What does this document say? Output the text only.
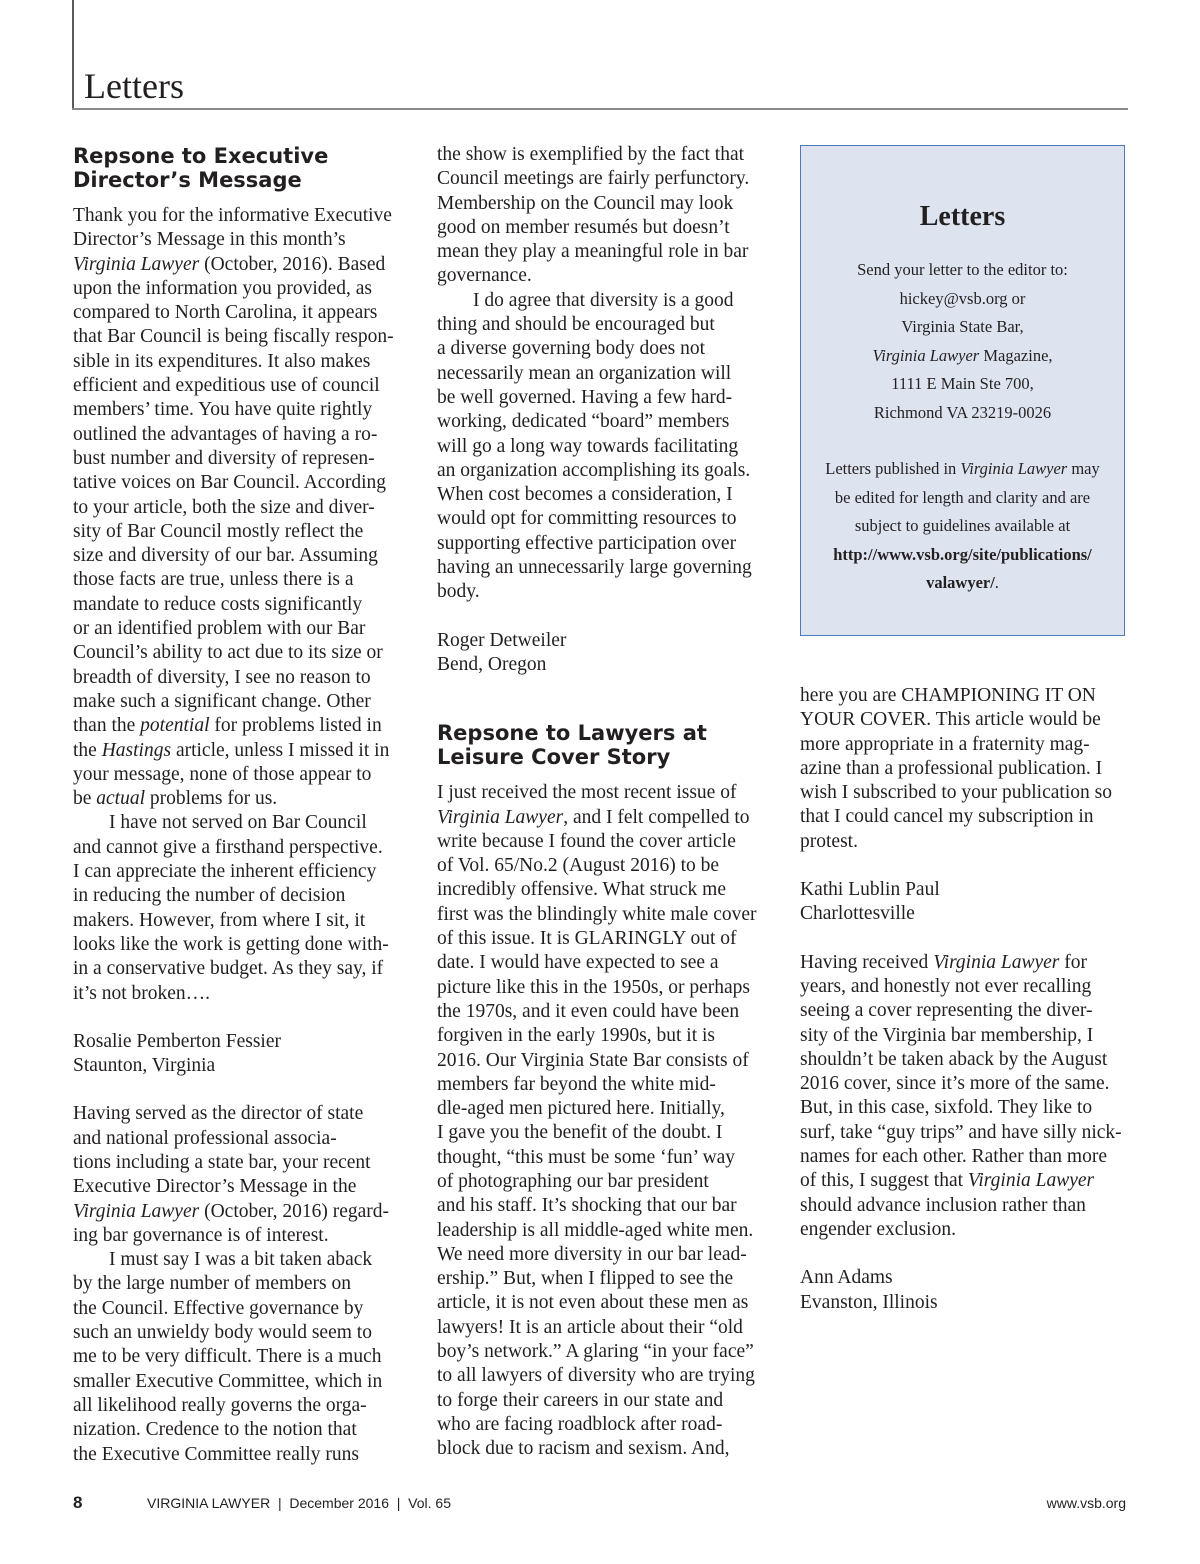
Letters
Repsone to Executive
Director’s Message

Thank you for the informative Executive
Director’s Message in this month’s
Virginia Lawyer (October, 2016). Based
upon the information you provided, as
compared to North Carolina, it appears
that Bar Council is being fiscally respon-
sible in its expenditures. It also makes
efficient and expeditious use of council
members’ time. You have quite rightly
outlined the advantages of having a ro-
bust number and diversity of represen-
tative voices on Bar Council. According
to your article, both the size and diver-
sity of Bar Council mostly reflect the
size and diversity of our bar. Assuming
those facts are true, unless there is a
mandate to reduce costs significantly
or an identified problem with our Bar
Council’s ability to act due to its size or
breadth of diversity, I see no reason to
make such a significant change. Other
than the potential for problems listed in
the Hastings article, unless I missed it in
your message, none of those appear to
be actual problems for us.

I have not served on Bar Council
and cannot give a firsthand perspective.
I can appreciate the inherent efficiency
in reducing the number of decision
makers. However, from where I sit, it
looks like the work is getting done with-
in a conservative budget. As they say, if
it’s not broken….

Rosalie Pemberton Fessier
Staunton, Virginia

Having served as the director of state
and national professional associa-
tions including a state bar, your recent
Executive Director’s Message in the
Virginia Lawyer (October, 2016) regard-
ing bar governance is of interest.

I must say I was a bit taken aback
by the large number of members on
the Council. Effective governance by
such an unwieldy body would seem to
me to be very difficult. There is a much
smaller Executive Committee, which in
all likelihood really governs the orga-
nization. Credence to the notion that
the Executive Committee really runs

the show is exemplified by the fact that
Council meetings are fairly perfunctory.
Membership on the Council may look
good on member resumés but doesn’t
mean they play a meaningful role in bar
governance.

I do agree that diversity is a good
thing and should be encouraged but
a diverse governing body does not
necessarily mean an organization will
be well governed. Having a few hard-
working, dedicated “board” members
will go a long way towards facilitating
an organization accomplishing its goals.
When cost becomes a consideration, I
would opt for committing resources to
supporting effective participation over
having an unnecessarily large governing
body.

Roger Detweiler
Bend, Oregon

Repsone to Lawyers at
Leisure Cover Story

I just received the most recent issue of
Virginia Lawyer, and I felt compelled to
write because I found the cover article
of Vol. 65/No.2 (August 2016) to be
incredibly offensive. What struck me
first was the blindingly white male cover
of this issue. It is GLARINGLY out of
date. I would have expected to see a
picture like this in the 1950s, or perhaps
the 1970s, and it even could have been
forgiven in the early 1990s, but it is
2016. Our Virginia State Bar consists of
members far beyond the white mid-
dle-aged men pictured here. Initially,
I gave you the benefit of the doubt. I
thought, “this must be some ‘fun’ way
of photographing our bar president
and his staff. It’s shocking that our bar
leadership is all middle-aged white men.
We need more diversity in our bar lead-
ership.” But, when I flipped to see the
article, it is not even about these men as
lawyers! It is an article about their “old
boy’s network.” A glaring “in your face”
to all lawyers of diversity who are trying
to forge their careers in our state and
who are facing roadblock after road-
block due to racism and sexism. And,

Letters
Send your letter to the editor to:
hickey@vsb.org or
Virginia State Bar,
Virginia Lawyer Magazine,
1111 E Main Ste 700,
Richmond VA 23219-0026
Letters published in Virginia Lawyer may
be edited for length and clarity and are
subject to guidelines available at
http://www.vsb.org/site/publications/
valawyer/.

here you are CHAMPIONING IT ON
YOUR COVER. This article would be
more appropriate in a fraternity mag-
azine than a professional publication. I
wish I subscribed to your publication so
that I could cancel my subscription in
protest.

Kathi Lublin Paul
Charlottesville

Having received Virginia Lawyer for
years, and honestly not ever recalling
seeing a cover representing the diver-
sity of the Virginia bar membership, I
shouldn’t be taken aback by the August
2016 cover, since it’s more of the same.
But, in this case, sixfold. They like to
surf, take “guy trips” and have silly nick-
names for each other. Rather than more
of this, I suggest that Virginia Lawyer
should advance inclusion rather than
engender exclusion.

Ann Adams
Evanston, Illinois

8	VIRGINIA LAWYER  |  December 2016  |  Vol. 65	www.vsb.org
